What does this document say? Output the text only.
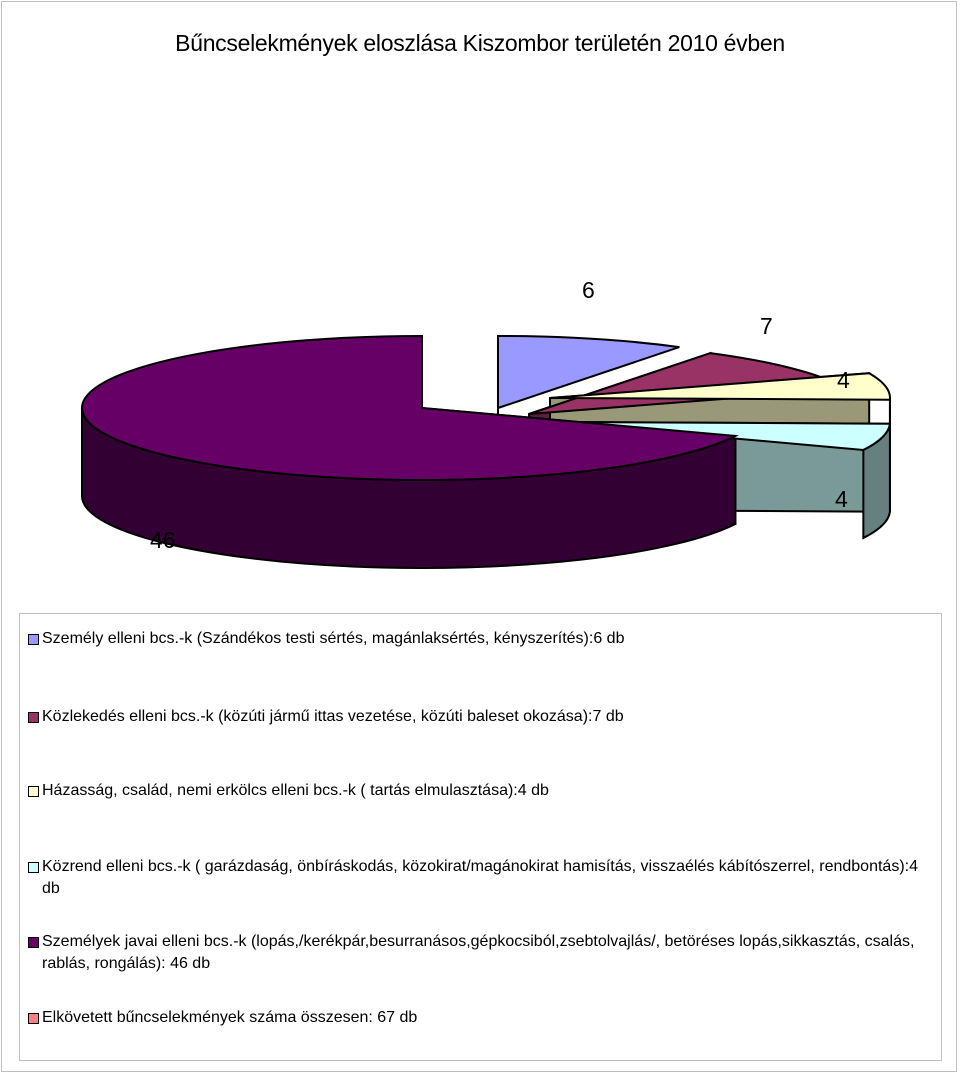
Bűncselekmények eloszlása Kiszombor területén 2010 évben
6
7
4
4
46
Személy elleni bcs.-k (Szándékos testi sértés, magánlaksértés, kényszerítés):6 db
Közlekedés elleni bcs.-k (közúti jármű ittas vezetése, közúti baleset okozása):7 db
Házasság, család, nemi erkölcs elleni bcs.-k ( tartás elmulasztása):4 db
Közrend elleni bcs.-k ( garázdaság, önbíráskodás, közokirat/magánokirat hamisítás, visszaélés kábítószerrel, rendbontás):4 db
Személyek javai elleni bcs.-k (lopás,/kerékpár,besurranásos,gépkocsiból,zsebtolvajlás/, betöréses lopás,sikkasztás, csalás, rablás, rongálás): 46 db
Elkövetett bűncselekmények száma összesen: 67 db
